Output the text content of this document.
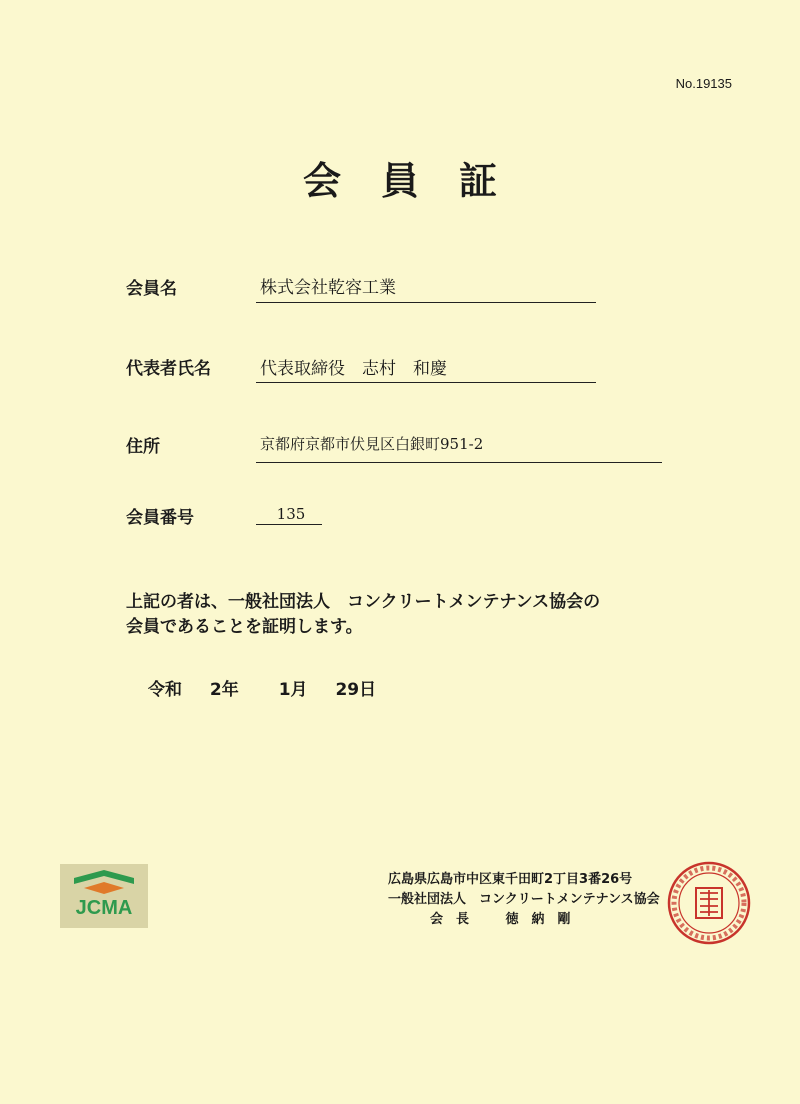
No.19135
会員証
会員名	株式会社乾容工業
代表者氏名	代表取締役　志村　和慶
住所	京都府京都市伏見区白銀町951-2
会員番号	135
上記の者は、一般社団法人　コンクリートメンテナンス協会の
会員であることを証明します。
令和 2年 1月 29日
JCMA
広島県広島市中区東千田町2丁目3番26号
一般社団法人　コンクリートメンテナンス協会
会　長	徳　納　剛
